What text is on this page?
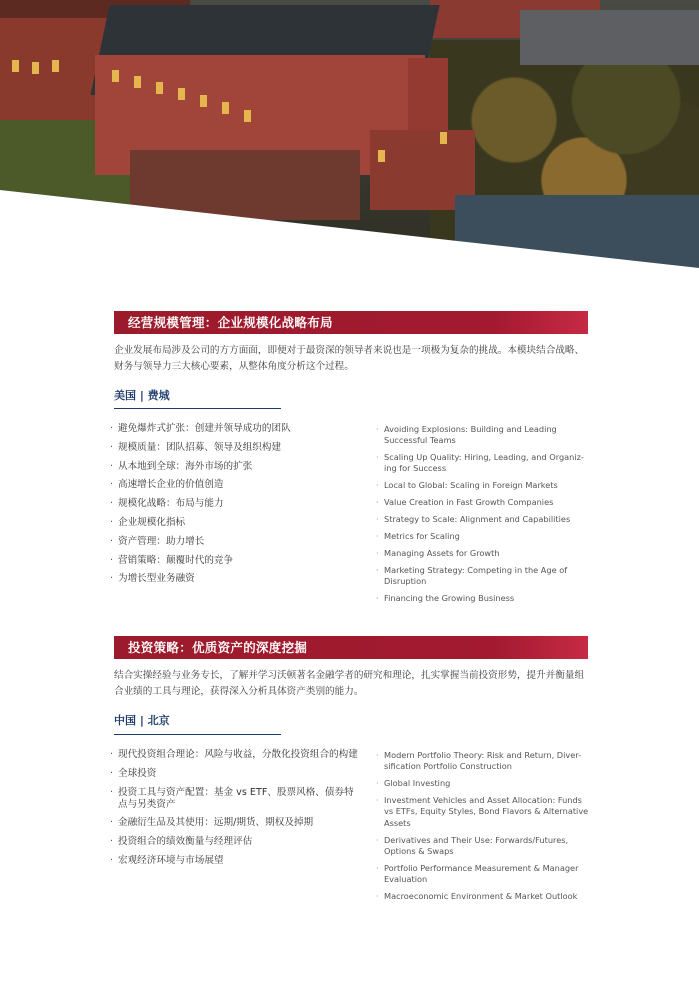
经营规模管理：企业规模化战略布局
企业发展布局涉及公司的方方面面，即便对于最资深的领导者来说也是一项极为复杂的挑战。本模块结合战略、财务与领导力三大核心要素，从整体角度分析这个过程。
美国 | 费城
· 避免爆炸式扩张：创建并领导成功的团队
· 规模质量：团队招募、领导及组织构建
· 从本地到全球：海外市场的扩张
· 高速增长企业的价值创造
· 规模化战略：布局与能力
· 企业规模化指标
· 资产管理：助力增长
· 营销策略：颠覆时代的竞争
· 为增长型业务融资
· Avoiding Explosions: Building and Leading Successful Teams
· Scaling Up Quality: Hiring, Leading, and Organiz-ing for Success
· Local to Global: Scaling in Foreign Markets
· Value Creation in Fast Growth Companies
· Strategy to Scale: Alignment and Capabilities
· Metrics for Scaling
· Managing Assets for Growth
· Marketing Strategy: Competing in the Age of Disruption
· Financing the Growing Business
投资策略：优质资产的深度挖掘
结合实操经验与业务专长，了解并学习沃顿著名金融学者的研究和理论，扎实掌握当前投资形势，提升并衡量组合业绩的工具与理论，获得深入分析具体资产类别的能力。
中国 | 北京
· 现代投资组合理论：风险与收益，分散化投资组合的构建
· 全球投资
· 投资工具与资产配置：基金 vs ETF、股票风格、债券特点与另类资产
· 金融衍生品及其使用：远期/期货、期权及掉期
· 投资组合的绩效衡量与经理评估
· 宏观经济环境与市场展望
· Modern Portfolio Theory: Risk and Return, Diver-sification Portfolio Construction
· Global Investing
· Investment Vehicles and Asset Allocation: Funds vs ETFs, Equity Styles, Bond Flavors & Alternative Assets
· Derivatives and Their Use: Forwards/Futures, Options & Swaps
· Portfolio Performance Measurement & Manager Evaluation
· Macroeconomic Environment & Market Outlook
